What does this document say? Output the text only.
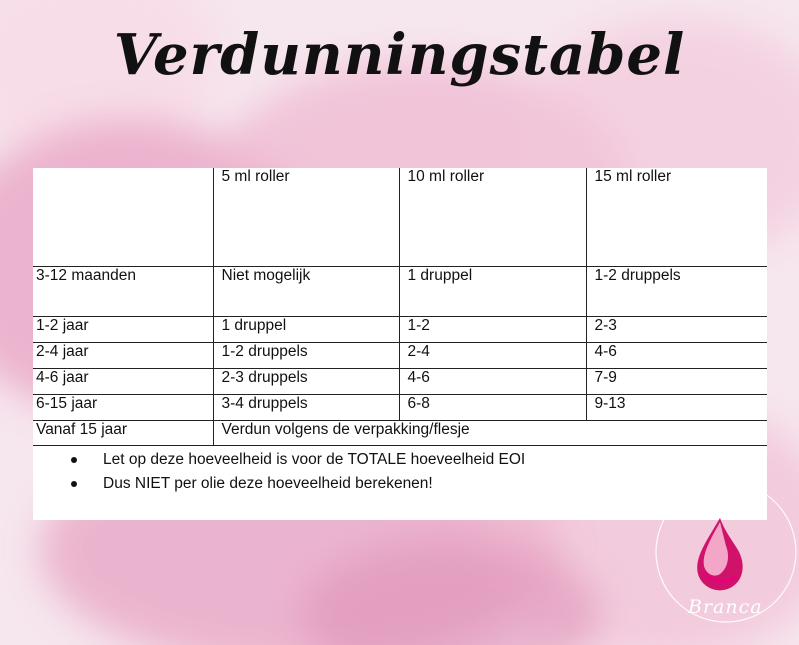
Verdunningstabel
	5 ml roller	10 ml roller	15 ml roller
3-12 maanden	Niet mogelijk	1 druppel	1-2 druppels
1-2 jaar	1 druppel	1-2	2-3
2-4 jaar	1-2 druppels	2-4	4-6
4-6 jaar	2-3 druppels	4-6	7-9
6-15 jaar	3-4 druppels	6-8	9-13
Vanaf 15 jaar	Verdun volgens de verpakking/flesje		
Let op deze hoeveelheid is voor de TOTALE hoeveelheid EOI
Dus NIET per olie deze hoeveelheid berekenen!	Oils by
Branca
